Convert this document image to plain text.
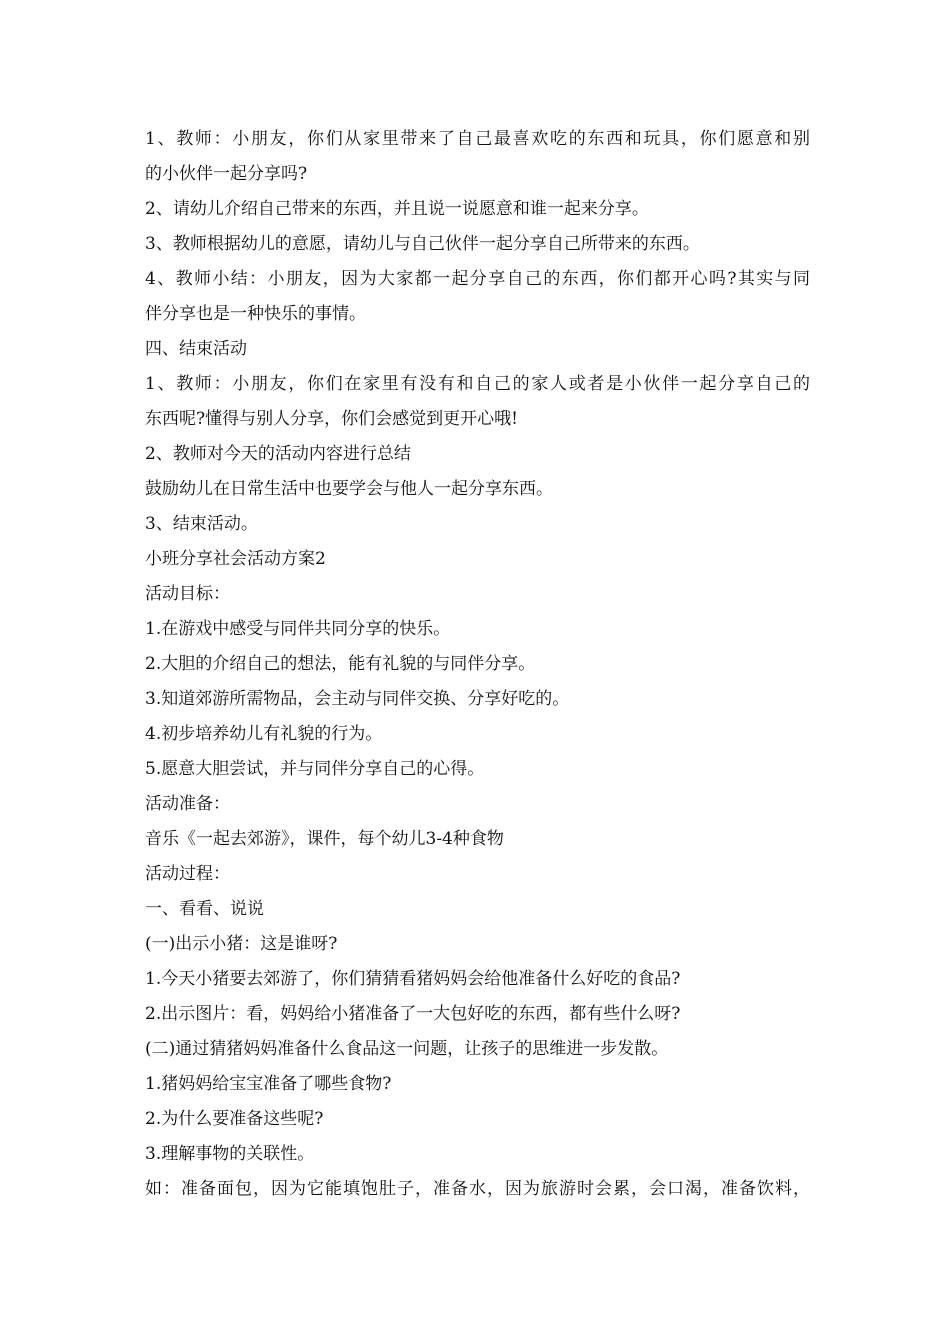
1、教师：小朋友，你们从家里带来了自己最喜欢吃的东西和玩具，你们愿意和别
的小伙伴一起分享吗?
2、请幼儿介绍自己带来的东西，并且说一说愿意和谁一起来分享。
3、教师根据幼儿的意愿，请幼儿与自己伙伴一起分享自己所带来的东西。
4、教师小结：小朋友，因为大家都一起分享自己的东西，你们都开心吗?其实与同
伴分享也是一种快乐的事情。
四、结束活动
1、教师：小朋友，你们在家里有没有和自己的家人或者是小伙伴一起分享自己的
东西呢?懂得与别人分享，你们会感觉到更开心哦!
2、教师对今天的活动内容进行总结
鼓励幼儿在日常生活中也要学会与他人一起分享东西。
3、结束活动。
小班分享社会活动方案2
活动目标：
1.在游戏中感受与同伴共同分享的快乐。
2.大胆的介绍自己的想法，能有礼貌的与同伴分享。
3.知道郊游所需物品，会主动与同伴交换、分享好吃的。
4.初步培养幼儿有礼貌的行为。
5.愿意大胆尝试，并与同伴分享自己的心得。
活动准备：
音乐《一起去郊游》，课件，每个幼儿3-4种食物
活动过程：
一、看看、说说
(一)出示小猪：这是谁呀?
1.今天小猪要去郊游了，你们猜猜看猪妈妈会给他准备什么好吃的食品?
2.出示图片：看，妈妈给小猪准备了一大包好吃的东西，都有些什么呀?
(二)通过猜猪妈妈准备什么食品这一问题，让孩子的思维进一步发散。
1.猪妈妈给宝宝准备了哪些食物?
2.为什么要准备这些呢?
3.理解事物的关联性。
如：准备面包，因为它能填饱肚子，准备水，因为旅游时会累，会口渴，准备饮料，
